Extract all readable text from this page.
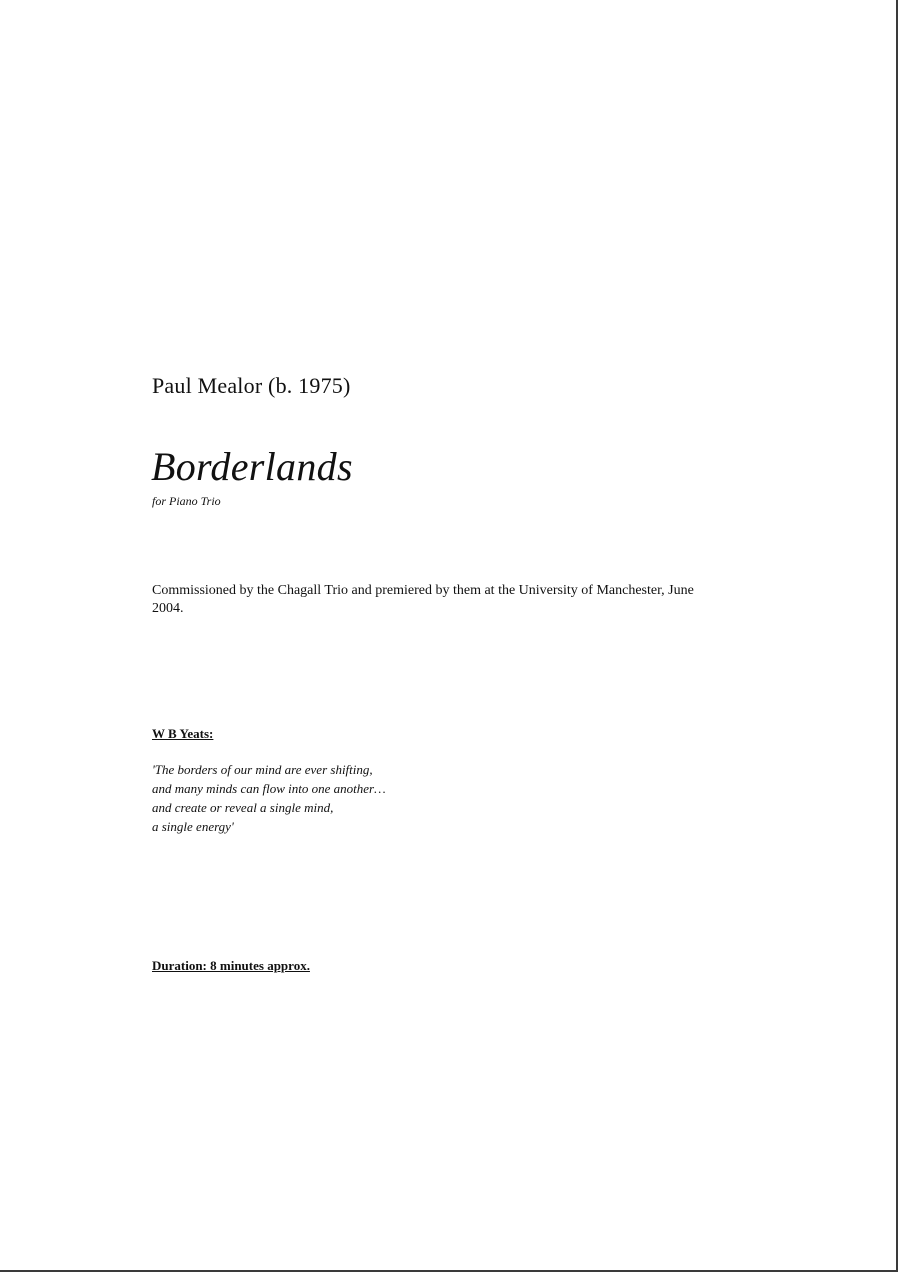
Paul Mealor (b. 1975)
Borderlands
for Piano Trio
Commissioned by the Chagall Trio and premiered by them at the University of Manchester, June 2004.
W B Yeats:
'The borders of our mind are ever shifting,
and many minds can flow into one another…
and create or reveal a single mind,
a single energy'
Duration: 8 minutes approx.
